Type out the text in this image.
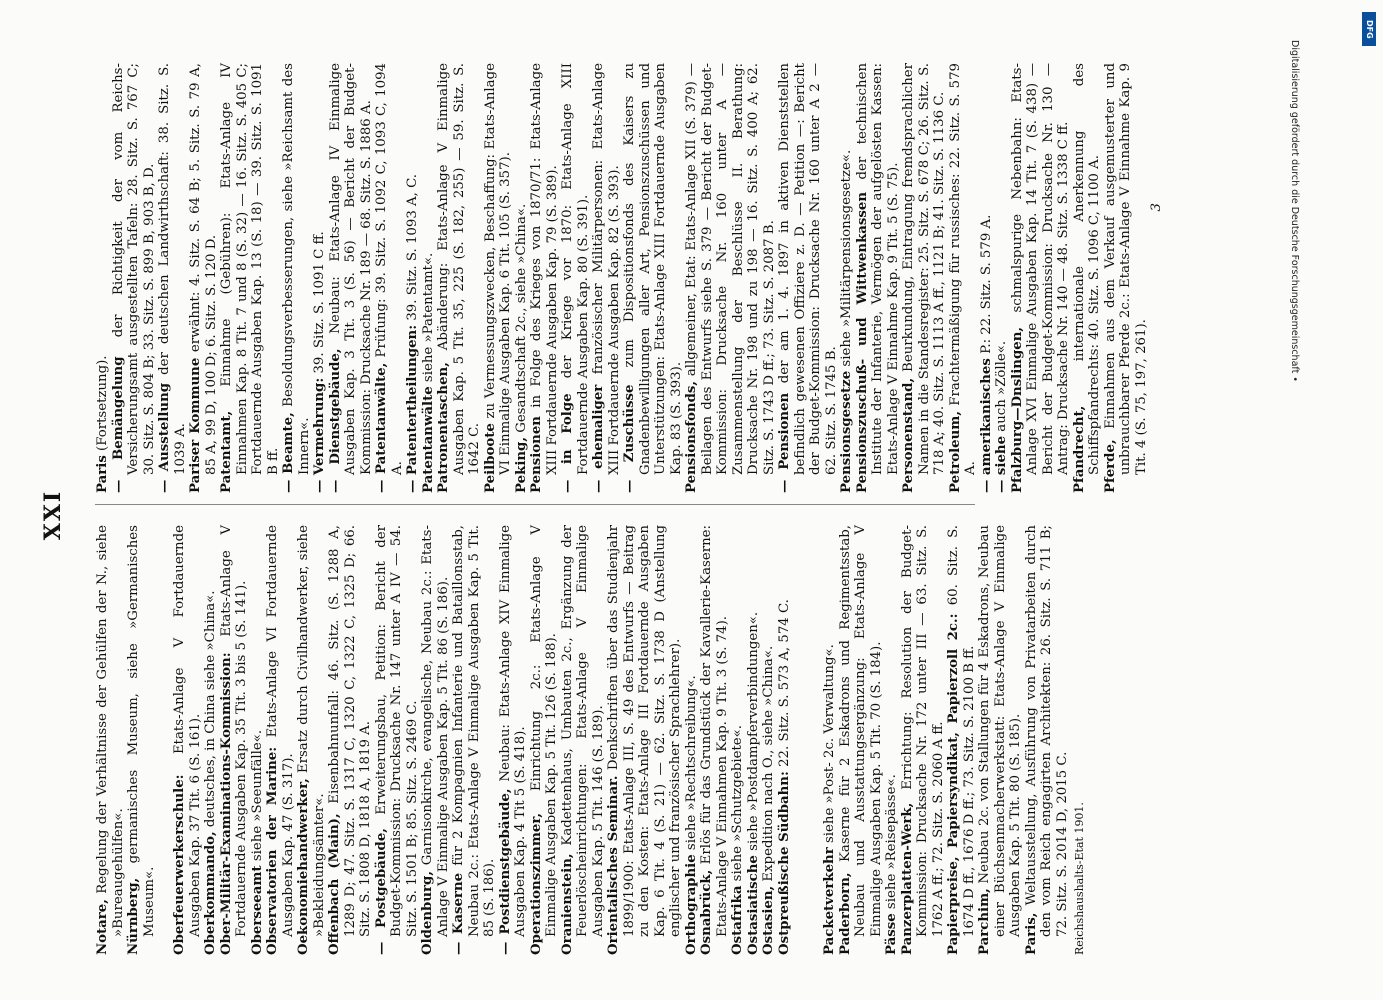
XXI

Notare, Regelung der Verhältnisse der Gehülfen der N., siehe »Bureaugehülfen«. Nürnberg, germanisches Museum, siehe »Germanisches Museum«. Oberfeuerwerkerschule: Etats-Anlage V Fortdauernde Ausgaben Kap. 37 Tit. 6 (S. 161). Oberkommando, deutsches, in China siehe »China«. Ober-Militär-Examinations-Kommission: Etats-Anlage V Fortdauernde Ausgaben Kap. 35 Tit. 3 bis 5 (S. 141). Oberseeamt siehe »Seeunfälle«. Observatorien der Marine: Etats-Anlage VI Fortdauernde Ausgaben Kap. 47 (S. 317). Oekonomiehandwerker, Ersatz durch Civilhandwerker, siehe »Bekleidungsämter«. Offenbach (Main), Eisenbahnunfall: 46. Sitz. (S. 1288 A, 1289 D; 47. Sitz. S. 1317 C, 1320 C, 1322 C, 1325 D; 66. Sitz. S. 1808 D, 1818 A, 1819 A. — Postgebäude, Erweiterungsbau, Petition: Bericht der Budget-Kommission: Drucksache Nr. 147 unter A IV — 54. Sitz. S. 1501 B; 85. Sitz. S. 2469 C. Oldenburg, Garnisonkirche, evangelische, Neubau 2c.: Etats-Anlage V Einmalige Ausgaben Kap. 5 Tit. 86 (S. 186). — Kaserne für 2 Kompagnien Infanterie und Bataillonsstab, Neubau 2c.: Etats-Anlage V Einmalige Ausgaben Kap. 5 Tit. 85 (S. 186). — Postdienstgebäude, Neubau: Etats-Anlage XIV Einmalige Ausgaben Kap. 4 Tit 5 (S. 418). Operationszimmer, Einrichtung 2c.: Etats-Anlage V Einmalige Ausgaben Kap. 5 Tit. 126 (S. 188). Oranienstein, Kadettenhaus, Umbauten 2c., Ergänzung der Feuerlöscheinrichtungen: Etats-Anlage V Einmalige Ausgaben Kap. 5 Tit. 146 (S. 189). Orientalisches Seminar. Denkschriften über das Studienjahr 1899/1900: Etats-Anlage III, S. 49 des Entwurfs — Beitrag zu den Kosten: Etats-Anlage III Fortdauernde Ausgaben Kap. 6 Tit. 4 (S. 21) — 62. Sitz. S. 1738 D (Anstellung englischer und französischer Sprachlehrer). Orthographie siehe »Rechtschreibung«.

Osnabrück, Erlös für das Grundstück der Kavallerie-Kaserne: Etats-Anlage V Einnahmen Kap. 9 Tit. 3 (S. 74). Ostafrika siehe »Schutzgebiete«.

Ostasiatische siehe »Postdampferverbindungen«.

Ostasien, Expedition nach O., siehe »China«. Ostpreußische Südbahn: 22. Sitz. S. 573 A, 574 C.

Packetverkehr siehe »Post- 2c. Verwaltung«.

Paderborn, Kaserne für 2 Eskadrons und Regimentsstab, Neubau und Ausstattungsergänzung: Etats-Anlage V Einmalige Ausgaben Kap. 5 Tit. 70 (S. 184). Pässe siehe »Reisepässe«. Panzerplatten-Werk, Errichtung: Resolution der Budget-Kommission: Drucksache Nr. 172 unter III — 63. Sitz. S. 1762 A ff.; 72. Sitz. S. 2060 A ff. Papierpreise, Papiersyndikat, Papierzoll 2c.: 60. Sitz. S. 1674 D ff., 1676 D ff.; 73. Sitz. S. 2100 B ff. Parchim, Neubau 2c. von Stallungen für 4 Eskadrons, Neubau einer Büchsenmacherwerkstatt: Etats-Anlage V Einmalige Ausgaben Kap. 5 Tit. 80 (S. 185). Paris, Weltausstellung, Ausführung von Privatarbeiten durch den vom Reich engagirten Architekten: 26. Sitz. S. 711 B; 72. Sitz. S. 2014 D, 2015 C. Reichshaushalts-Etat 1901.

Paris (Fortsetzung). — Bemängelung der Richtigkeit der vom Reichs-Versicherungsamt ausgestellten Tafeln: 28. Sitz. S. 767 C; 30. Sitz. S. 804 B; 33. Sitz. S. 899 B, 903 B, D. — Ausstellung der deutschen Landwirthschaft: 38. Sitz. S. 1039 A. Pariser Kommune erwähnt: 4. Sitz. S. 64 B; 5. Sitz. S. 79 A, 85 A, 99 D, 100 D; 6. Sitz. S. 120 D. Patentamt, Einnahme (Gebühren): Etats-Anlage IV Einnahmen Kap. 8 Tit. 7 und 8 (S. 32) — 16. Sitz. S. 405 C; Fortdauernde Ausgaben Kap. 13 (S. 18) — 39. Sitz. S. 1091 B ff. — Beamte, Besoldungsverbesserungen, siehe »Reichsamt des Innern«. — Vermehrung: 39. Sitz. S. 1091 C ff.

— Dienstgebäude, Neubau: Etats-Anlage IV Einmalige Ausgaben Kap. 3 Tit. 3 (S. 56) — Bericht der Budget-Kommission: Drucksache Nr. 189 — 68. Sitz. S. 1886 A. — Patentanwälte, Prüfung: 39. Sitz. S. 1092 C, 1093 C, 1094 A. — Patentertheilungen: 39. Sitz. S. 1093 A, C.

Patentanwälte siehe »Patentamt«.

Patronentaschen, Abänderung: Etats-Anlage V Einmalige Ausgaben Kap. 5 Tit. 35, 225 (S. 182, 255) — 59. Sitz. S. 1642 C. Peilboote zu Vermessungszwecken, Beschaffung: Etats-Anlage VI Einmalige Ausgaben Kap. 6 Tit. 105 (S. 357). Peking, Gesandtschaft 2c., siehe »China«.

Pensionen in Folge des Krieges von 1870/71: Etats-Anlage XIII Fortdauernde Ausgaben Kap. 79 (S. 389). — in Folge der Kriege vor 1870: Etats-Anlage XIII Fortdauernde Ausgaben Kap. 80 (S. 391). — ehemaliger französischer Militärpersonen: Etats-Anlage XIII Fortdauernde Ausgaben Kap. 82 (S. 393). — Zuschüsse zum Dispositionsfonds des Kaisers zu Gnadenbewilligungen aller Art, Pensionszuschüssen und Unterstützungen: Etats-Anlage XIII Fortdauernde Ausgaben Kap. 83 (S. 393). Pensionsfonds, allgemeiner, Etat: Etats-Anlage XII (S. 379) — Beilagen des Entwurfs siehe S. 379 — Bericht der Budget-Kommission: Drucksache Nr. 160 unter A — Zusammenstellung der Beschlüsse II. Berathung: Drucksache Nr. 198 und zu 198 — 16. Sitz. S. 400 A; 62. Sitz. S. 1743 D ff.; 73. Sitz. S. 2087 B. — Pensionen der am 1. 4. 1897 in aktiven Dienststellen befindlich gewesenen Offiziere z. D. — Petition —: Bericht der Budget-Kommission: Drucksache Nr. 160 unter A 2 — 62. Sitz. S. 1745 B. Pensionsgesetze siehe »Militärpensionsgesetze«. Pensionszuschuß- und Wittwenkassen der technischen Institute der Infanterie, Vermögen der aufgelösten Kassen: Etats-Anlage V Einnahme Kap. 9 Tit. 5 (S. 75). Personenstand, Beurkundung, Eintragung fremdsprachlicher Namen in die Standesregister: 25. Sitz. S. 678 C; 26. Sitz. S. 718 A; 40. Sitz. S. 1113 A ff., 1121 B; 41. Sitz. S. 1136 C. Petroleum, Frachtermäßigung für russisches: 22. Sitz. S. 579 A. — amerikanisches P.: 22. Sitz. S. 579 A.

— siehe auch »Zölle«. Pfalzburg—Dnslingen, schmalspurige Nebenbahn: Etats-Anlage XVI Einmalige Ausgaben Kap. 14 Tit. 7 (S. 438) — Bericht der Budget-Kommission: Drucksache Nr. 130 — Antrag: Drucksache Nr. 140 — 48. Sitz. S. 1338 C ff. Pfandrecht, internationale Anerkennung des Schiffspfandrechts: 40. Sitz. S. 1096 C, 1100 A. Pferde, Einnahmen aus dem Verkauf ausgemusterter und unbrauchbarer Pferde 2c.: Etats-Anlage V Einnahme Kap. 9 Tit. 4 (S. 75, 197, 261).

3
DFG
Digitalisierung gefördert durch die Deutsche Forschungsgemeinschaft •
